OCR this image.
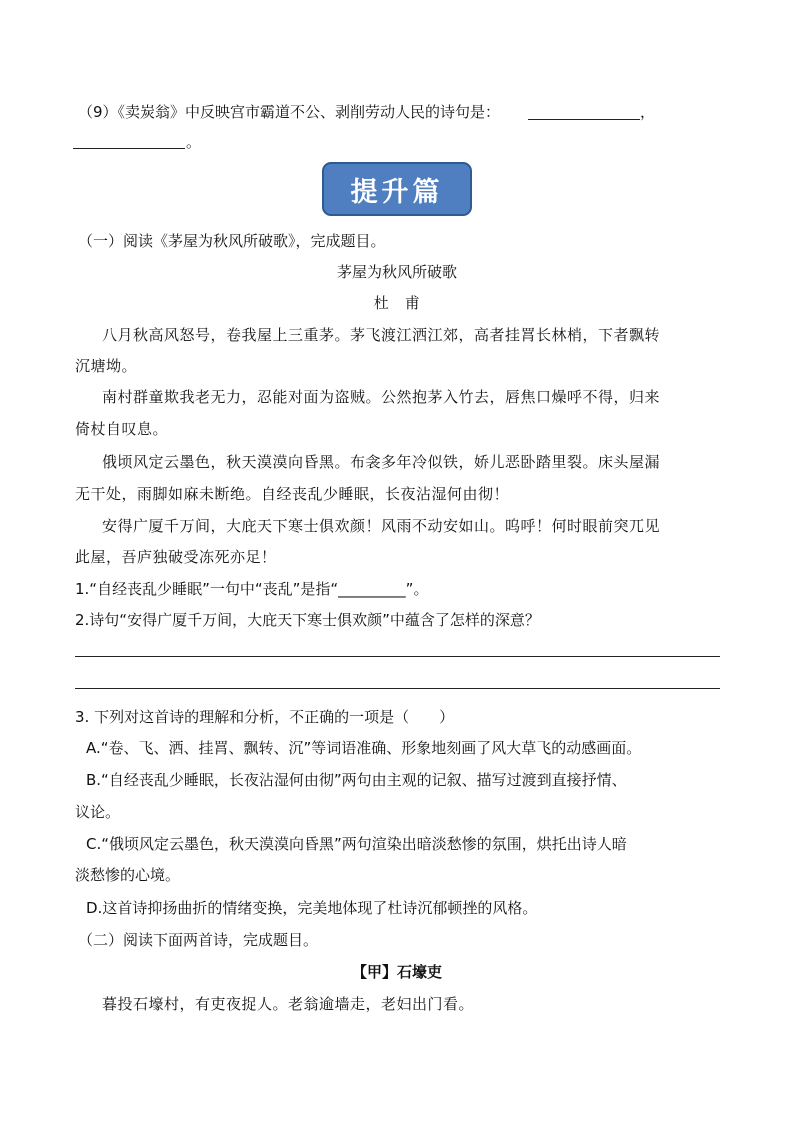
（9）《卖炭翁》中反映宫市霸道不公、剥削劳动人民的诗句是：	，
。
提升篇
（一）阅读《茅屋为秋风所破歌》，完成题目。
茅屋为秋风所破歌
杜　甫
八月秋高风怒号，卷我屋上三重茅。茅飞渡江洒江郊，高者挂罥长林梢，下者飘转
沉塘坳。
南村群童欺我老无力，忍能对面为盗贼。公然抱茅入竹去，唇焦口燥呼不得，归来
倚杖自叹息。
俄顷风定云墨色，秋天漠漠向昏黑。布衾多年冷似铁，娇儿恶卧踏里裂。床头屋漏
无干处，雨脚如麻未断绝。自经丧乱少睡眠，长夜沾湿何由彻！
安得广厦千万间，大庇天下寒士俱欢颜！风雨不动安如山。呜呼！何时眼前突兀见
此屋，吾庐独破受冻死亦足！
1.“自经丧乱少睡眠”一句中“丧乱”是指“_________”。
2.诗句“安得广厦千万间，大庇天下寒士俱欢颜”中蕴含了怎样的深意？
3. 下列对这首诗的理解和分析，不正确的一项是（　　）
A.“卷、飞、洒、挂罥、飘转、沉”等词语准确、形象地刻画了风大草飞的动感画面。
B.“自经丧乱少睡眠，长夜沾湿何由彻”两句由主观的记叙、描写过渡到直接抒情、
议论。
C.“俄顷风定云墨色，秋天漠漠向昏黑”两句渲染出暗淡愁惨的氛围，烘托出诗人暗
淡愁惨的心境。
D.这首诗抑扬曲折的情绪变换，完美地体现了杜诗沉郁顿挫的风格。
（二）阅读下面两首诗，完成题目。
【甲】石壕吏
暮投石壕村，有吏夜捉人。老翁逾墙走，老妇出门看。
